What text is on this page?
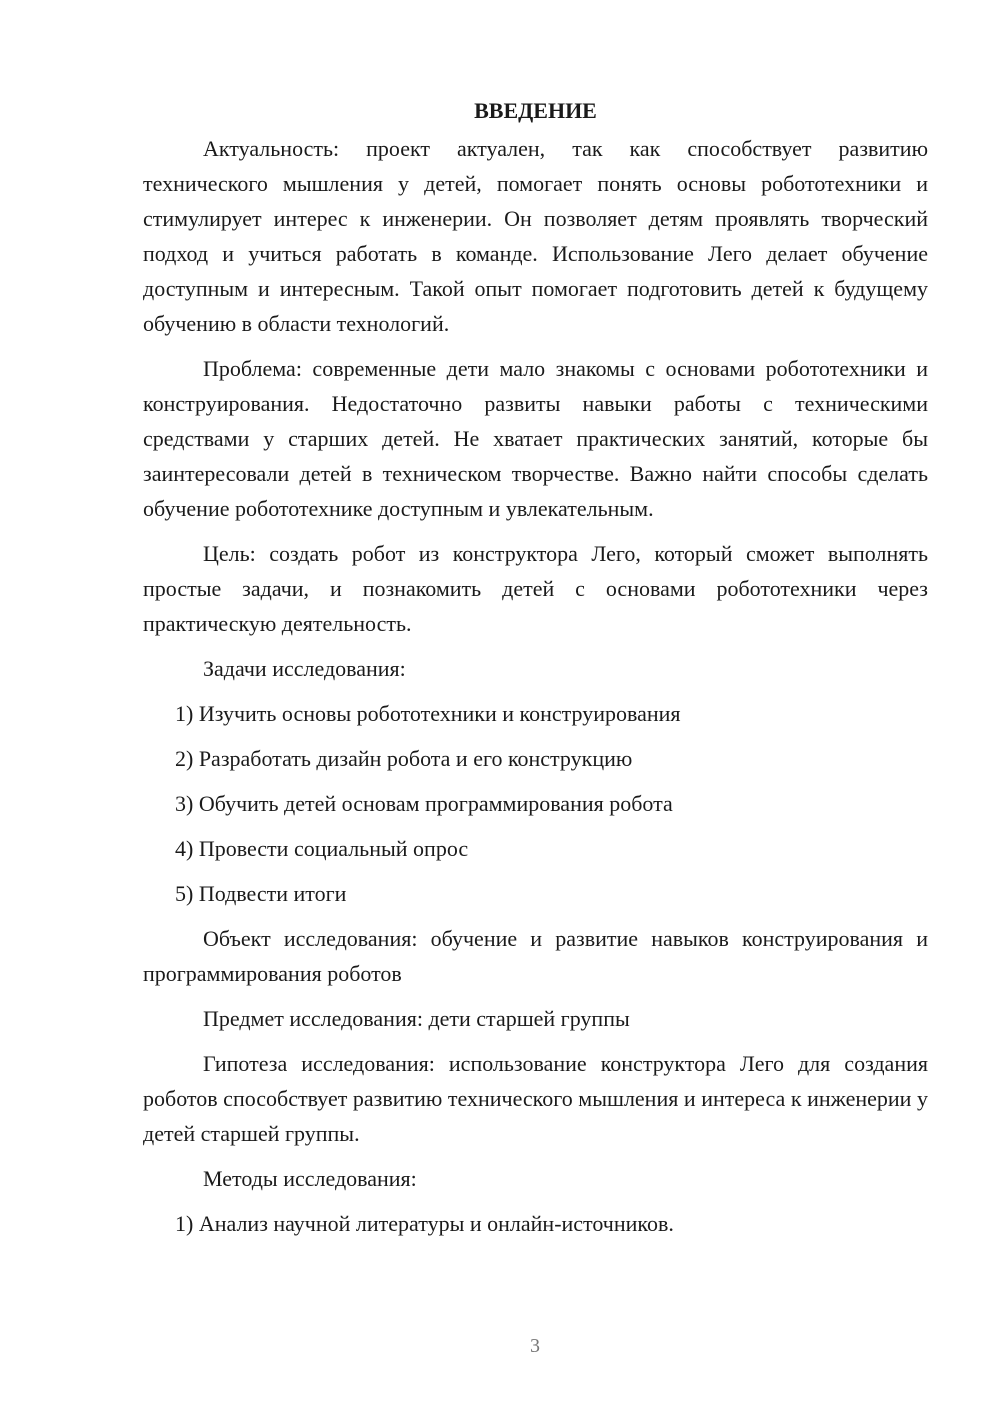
ВВЕДЕНИЕ

Актуальность: проект актуален, так как способствует развитию технического мышления у детей, помогает понять основы робототехники и стимулирует интерес к инженерии. Он позволяет детям проявлять творческий подход и учиться работать в команде. Использование Лего делает обучение доступным и интересным. Такой опыт помогает подготовить детей к будущему обучению в области технологий.

Проблема: современные дети мало знакомы с основами робототехники и конструирования. Недостаточно развиты навыки работы с техническими средствами у старших детей. Не хватает практических занятий, которые бы заинтересовали детей в техническом творчестве. Важно найти способы сделать обучение робототехнике доступным и увлекательным.

Цель: создать робот из конструктора Лего, который сможет выполнять простые задачи, и познакомить детей с основами робототехники через практическую деятельность.

Задачи исследования:

1) Изучить основы робототехники и конструирования
2) Разработать дизайн робота и его конструкцию
3) Обучить детей основам программирования робота
4) Провести социальный опрос
5) Подвести итоги

Объект исследования: обучение и развитие навыков конструирования и программирования роботов

Предмет исследования: дети старшей группы

Гипотеза исследования: использование конструктора Лего для создания роботов способствует развитию технического мышления и интереса к инженерии у детей старшей группы.

Методы исследования:

1) Анализ научной литературы и онлайн-источников.
3
